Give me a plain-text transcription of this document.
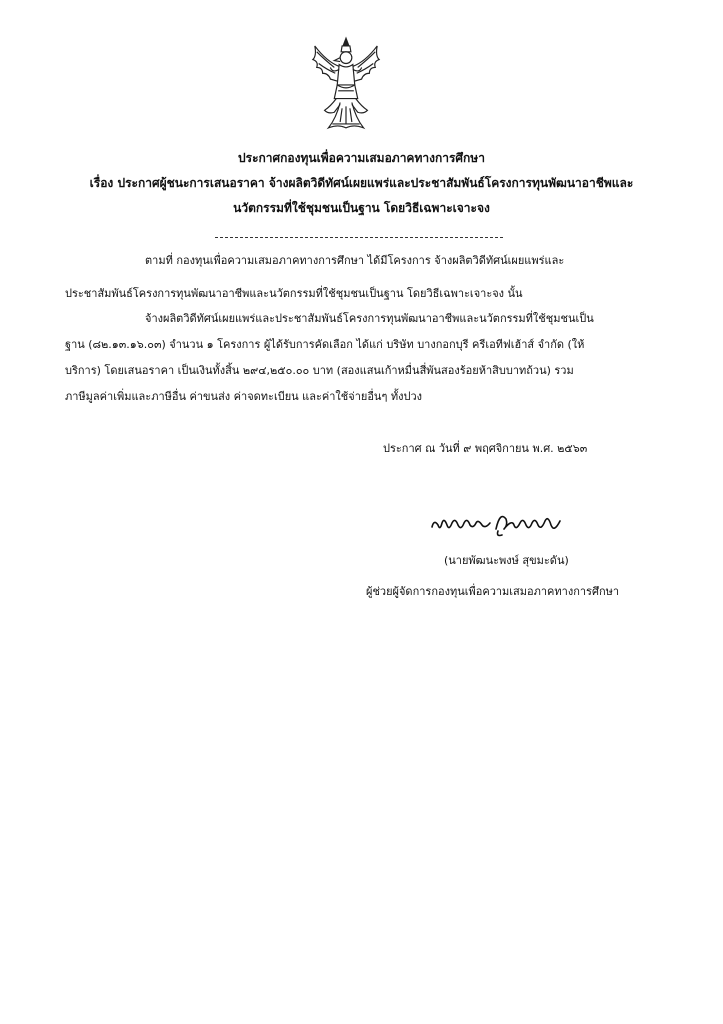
ประกาศกองทุนเพื่อความเสมอภาคทางการศึกษา
เรื่อง ประกาศผู้ชนะการเสนอราคา จ้างผลิตวิดีทัศน์เผยแพร่และประชาสัมพันธ์โครงการทุนพัฒนาอาชีพและ
นวัตกรรมที่ใช้ชุมชนเป็นฐาน โดยวิธีเฉพาะเจาะจง
ตามที่ กองทุนเพื่อความเสมอภาคทางการศึกษา ได้มีโครงการ จ้างผลิตวิดีทัศน์เผยแพร่และ
ประชาสัมพันธ์โครงการทุนพัฒนาอาชีพและนวัตกรรมที่ใช้ชุมชนเป็นฐาน โดยวิธีเฉพาะเจาะจง นั้น
จ้างผลิตวิดีทัศน์เผยแพร่และประชาสัมพันธ์โครงการทุนพัฒนาอาชีพและนวัตกรรมที่ใช้ชุมชนเป็น
ฐาน (๘๒.๑๓.๑๖.๐๓) จำนวน ๑ โครงการ ผู้ได้รับการคัดเลือก ได้แก่ บริษัท บางกอกบุรี ครีเอทีฟเฮ้าส์ จำกัด (ให้
บริการ) โดยเสนอราคา เป็นเงินทั้งสิ้น ๒๙๔,๒๕๐.๐๐ บาท (สองแสนเก้าหมื่นสี่พันสองร้อยห้าสิบบาทถ้วน) รวม
ภาษีมูลค่าเพิ่มและภาษีอื่น ค่าขนส่ง ค่าจดทะเบียน และค่าใช้จ่ายอื่นๆ ทั้งปวง
ประกาศ ณ วันที่ ๙ พฤศจิกายน พ.ศ. ๒๕๖๓
(นายพัฒนะพงษ์ สุขมะดัน)
ผู้ช่วยผู้จัดการกองทุนเพื่อความเสมอภาคทางการศึกษา
